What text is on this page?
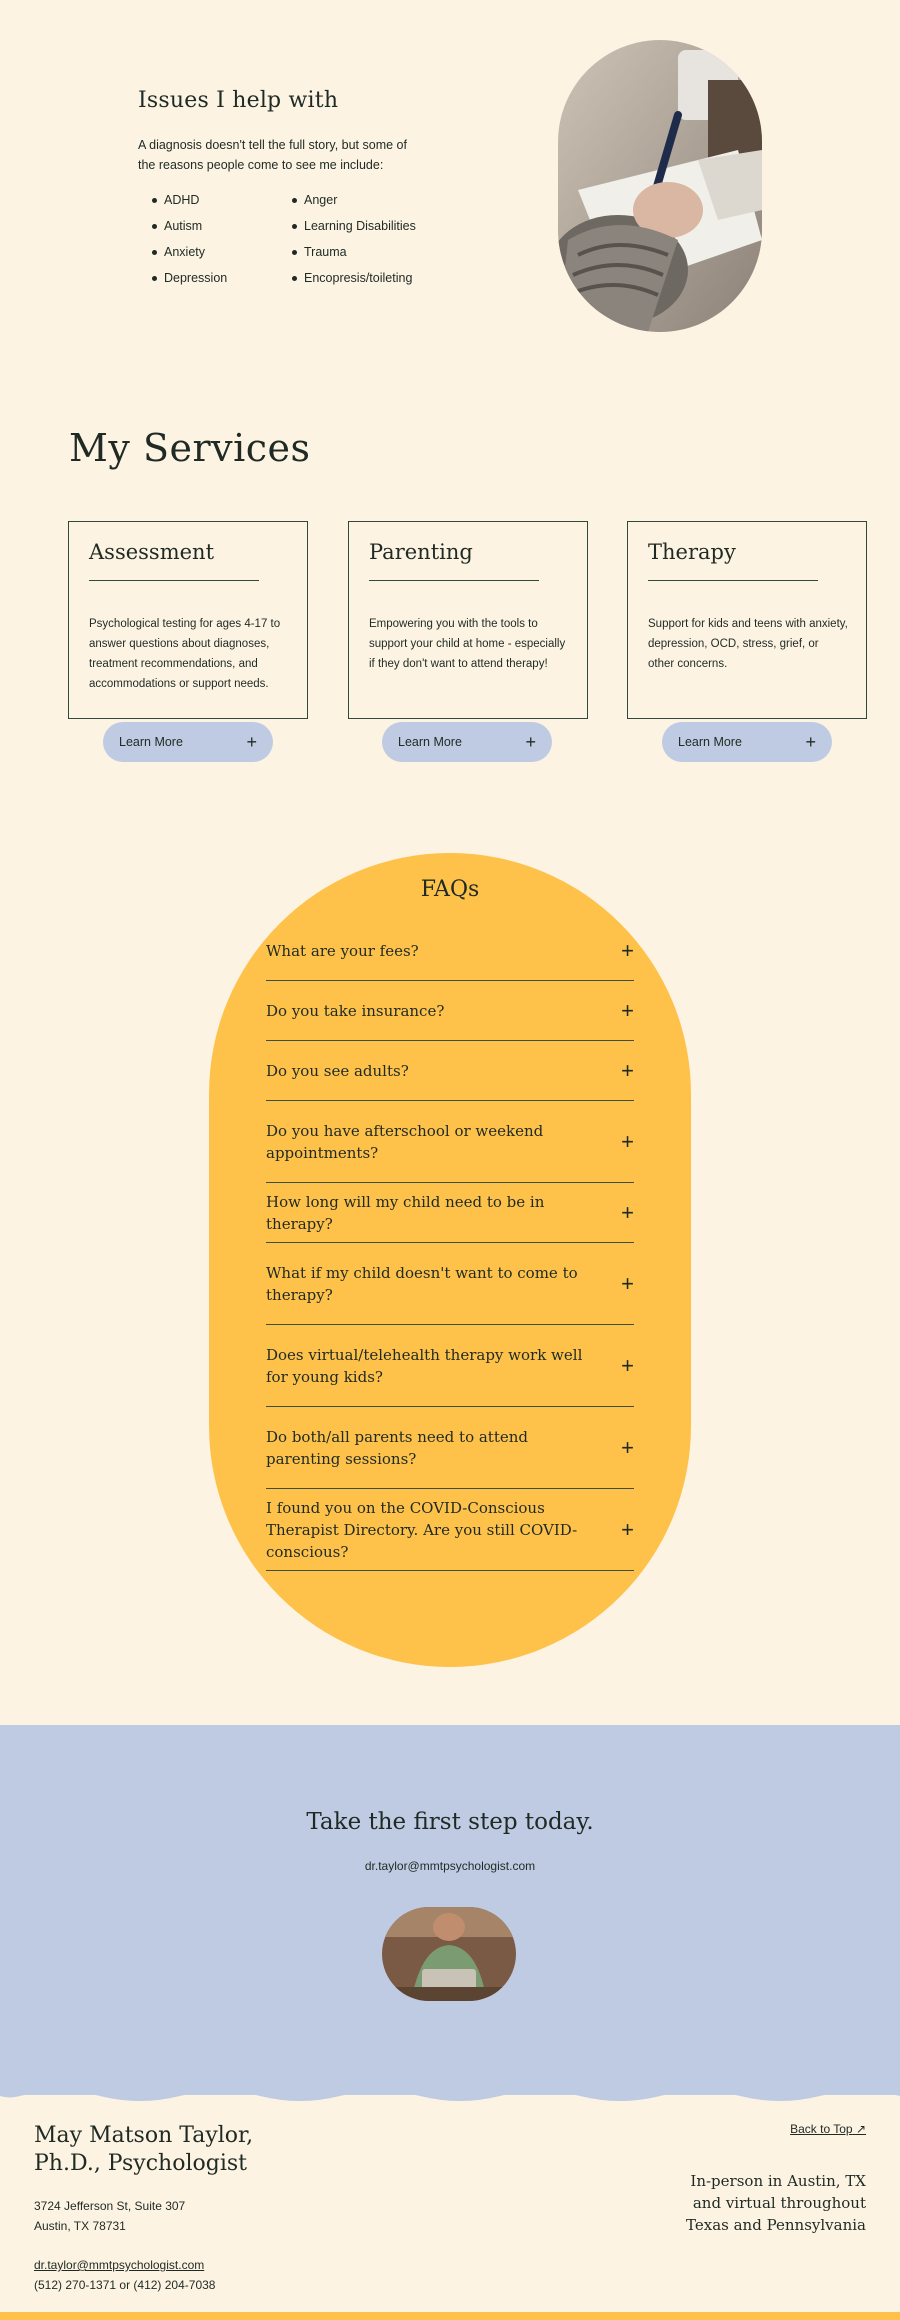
Issues I help with

A diagnosis doesn't tell the full story, but some of the reasons people come to see me include:

ADHD
Autism
Anxiety
Depression
Anger
Learning Disabilities
Trauma
Encopresis/toileting
My Services
Assessment

Psychological testing for ages 4-17 to answer questions about diagnoses, treatment recommendations, and accommodations or support needs.

Learn More	+
Parenting

Empowering you with the tools to support your child at home - especially if they don't want to attend therapy!

Learn More	+
Therapy

Support for kids and teens with anxiety, depression, OCD, stress, grief, or other concerns.

Learn More	+
FAQs
What are your fees?	+
Do you take insurance?	+
Do you see adults?	+
Do you have afterschool or weekend appointments?	+
How long will my child need to be in therapy?	+
What if my child doesn't want to come to therapy?	+
Does virtual/telehealth therapy work well for young kids?	+
Do both/all parents need to attend parenting sessions?	+
I found you on the COVID-Conscious Therapist Directory. Are you still COVID-conscious?
+
Take the first step today.
dr.taylor@mmtpsychologist.com
May Matson Taylor, Ph.D., Psychologist
3724 Jefferson St, Suite 307
Austin, TX 78731
dr.taylor@mmtpsychologist.com
(512) 270-1371 or (412) 204-7038
Back to Top ↗
In-person in Austin, TX and virtual throughout Texas and Pennsylvania
